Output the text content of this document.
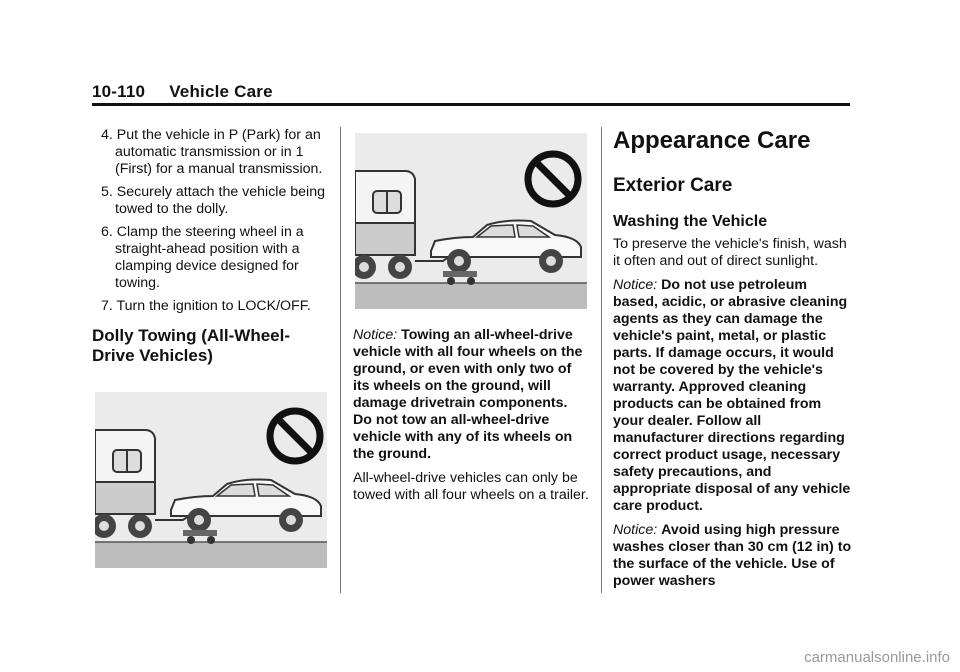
10-110 Vehicle Care
4. Put the vehicle in P (Park) for an automatic transmission or in 1 (First) for a manual transmission.
5. Securely attach the vehicle being towed to the dolly.
6. Clamp the steering wheel in a straight-ahead position with a clamping device designed for towing.
7. Turn the ignition to LOCK/OFF.
Dolly Towing (All-Wheel-Drive Vehicles)

Notice: Towing an all-wheel-drive vehicle with all four wheels on the ground, or even with only two of its wheels on the ground, will damage drivetrain components. Do not tow an all-wheel-drive vehicle with any of its wheels on the ground.

All-wheel-drive vehicles can only be towed with all four wheels on a trailer.

Appearance Care
Exterior Care
Washing the Vehicle

To preserve the vehicle's finish, wash it often and out of direct sunlight.

Notice: Do not use petroleum based, acidic, or abrasive cleaning agents as they can damage the vehicle's paint, metal, or plastic parts. If damage occurs, it would not be covered by the vehicle's warranty. Approved cleaning products can be obtained from your dealer. Follow all manufacturer directions regarding correct product usage, necessary safety precautions, and appropriate disposal of any vehicle care product.

Notice: Avoid using high pressure washes closer than 30 cm (12 in) to the surface of the vehicle. Use of power washers

carmanualsonline.info
